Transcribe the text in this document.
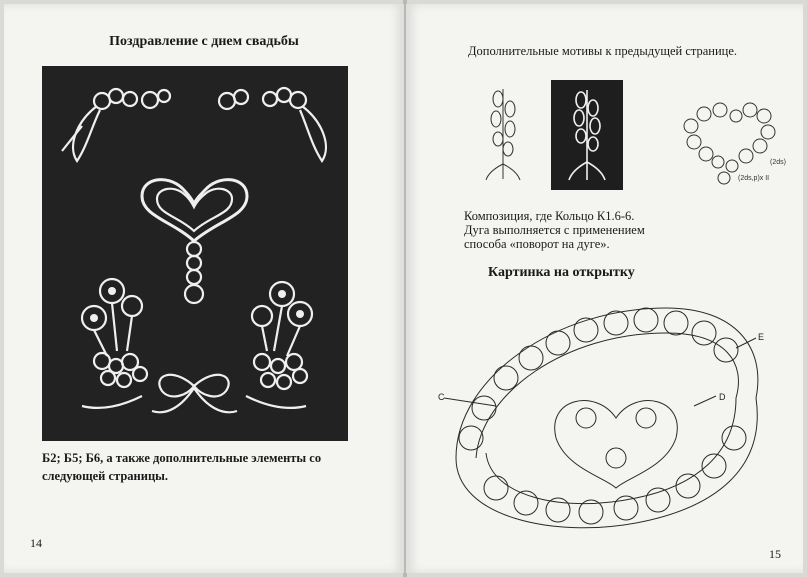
Поздравление с днем свадьбы
Б2; Б5; Б6, а также дополнительные элементы со
следующей страницы.
14
Дополнительные мотивы к предыдущей странице.
(2ds)
(2ds,p)x II
Композиция, где Кольцо К1.6-6.
Дуга выполняется с применением
способа «поворот на дуге».
Картинка на открытку
C	D
E
15
